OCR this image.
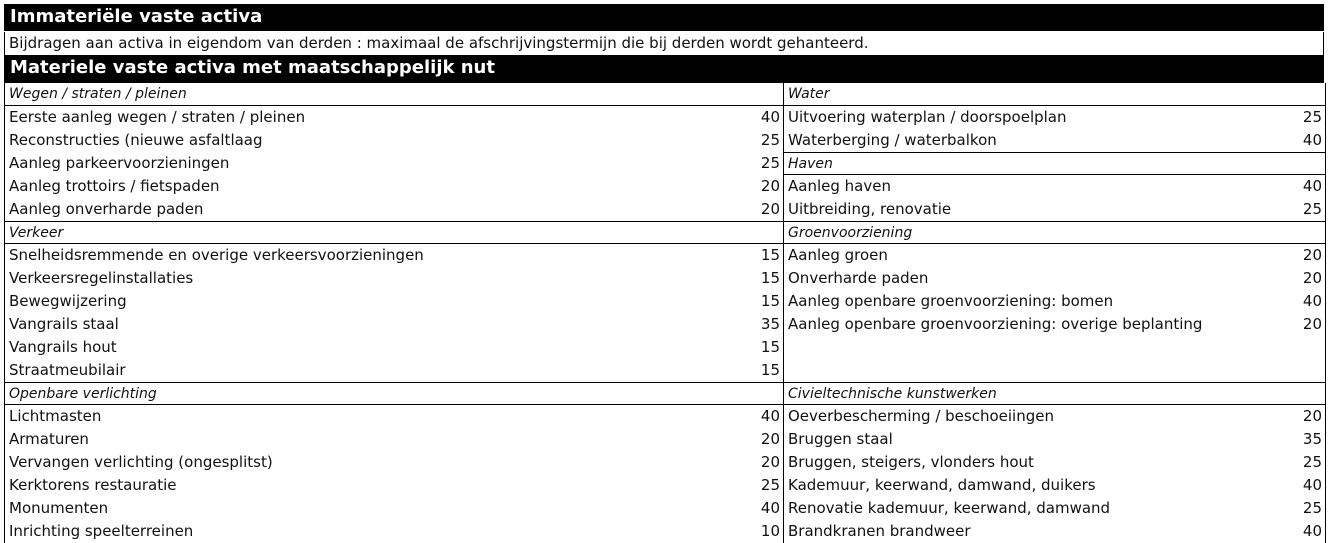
Immateriële vaste activa
Bijdragen aan activa in eigendom van derden : maximaal de afschrijvingstermijn die bij derden wordt gehanteerd.
Materiele vaste activa met maatschappelijk nut
Wegen / straten / pleinen
Eerste aanleg wegen / straten / pleinen	40
Reconstructies (nieuwe asfaltlaag	25
Aanleg parkeervoorzieningen	25
Aanleg trottoirs / fietspaden	20
Aanleg onverharde paden	20
Verkeer
Snelheidsremmende en overige verkeersvoorzieningen	15
Verkeersregelinstallaties	15
Bewegwijzering	15
Vangrails staal	35
Vangrails hout	15
Straatmeubilair	15
Openbare verlichting
Lichtmasten	40
Armaturen	20
Vervangen verlichting (ongesplitst)	20
Kerktorens restauratie	25
Monumenten	40
Inrichting speelterreinen	10
Water
Uitvoering waterplan / doorspoelplan	25
Waterberging / waterbalkon	40
Haven
Aanleg haven	40
Uitbreiding, renovatie	25
Groenvoorziening
Aanleg groen	20
Onverharde paden	20
Aanleg openbare groenvoorziening: bomen	40
Aanleg openbare groenvoorziening: overige beplanting	20
Civieltechnische kunstwerken
Oeverbescherming / beschoeiingen	20
Bruggen staal	35
Bruggen, steigers, vlonders hout	25
Kademuur, keerwand, damwand, duikers	40
Renovatie kademuur, keerwand, damwand	25
Brandkranen brandweer	40
